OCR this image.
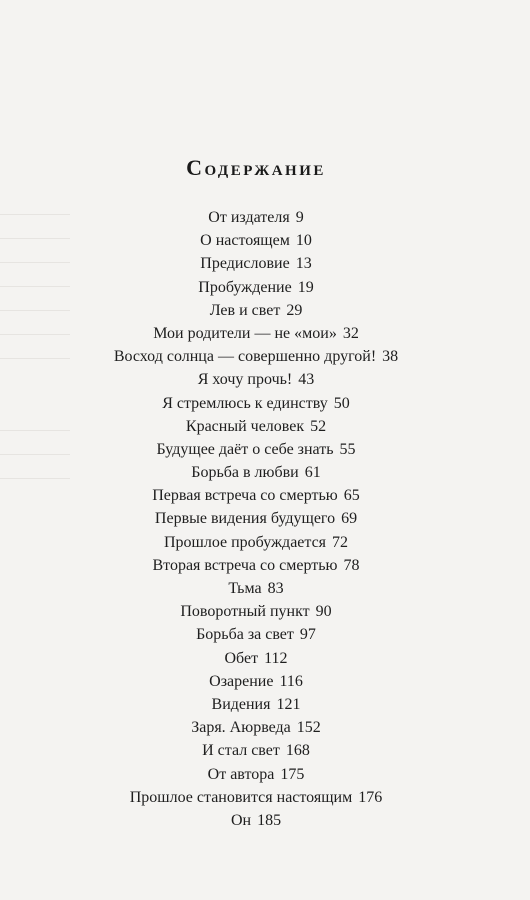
Содержание
От издателя 9
О настоящем 10
Предисловие 13
Пробуждение 19
Лев и свет 29
Мои родители — не «мои» 32
Восход солнца — совершенно другой! 38
Я хочу прочь! 43
Я стремлюсь к единству 50
Красный человек 52
Будущее даёт о себе знать 55
Борьба в любви 61
Первая встреча со смертью 65
Первые видения будущего 69
Прошлое пробуждается 72
Вторая встреча со смертью 78
Тьма 83
Поворотный пункт 90
Борьба за свет 97
Обет 112
Озарение 116
Видения 121
Заря. Аюрведа 152
И стал свет 168
От автора 175
Прошлое становится настоящим 176
Он 185
